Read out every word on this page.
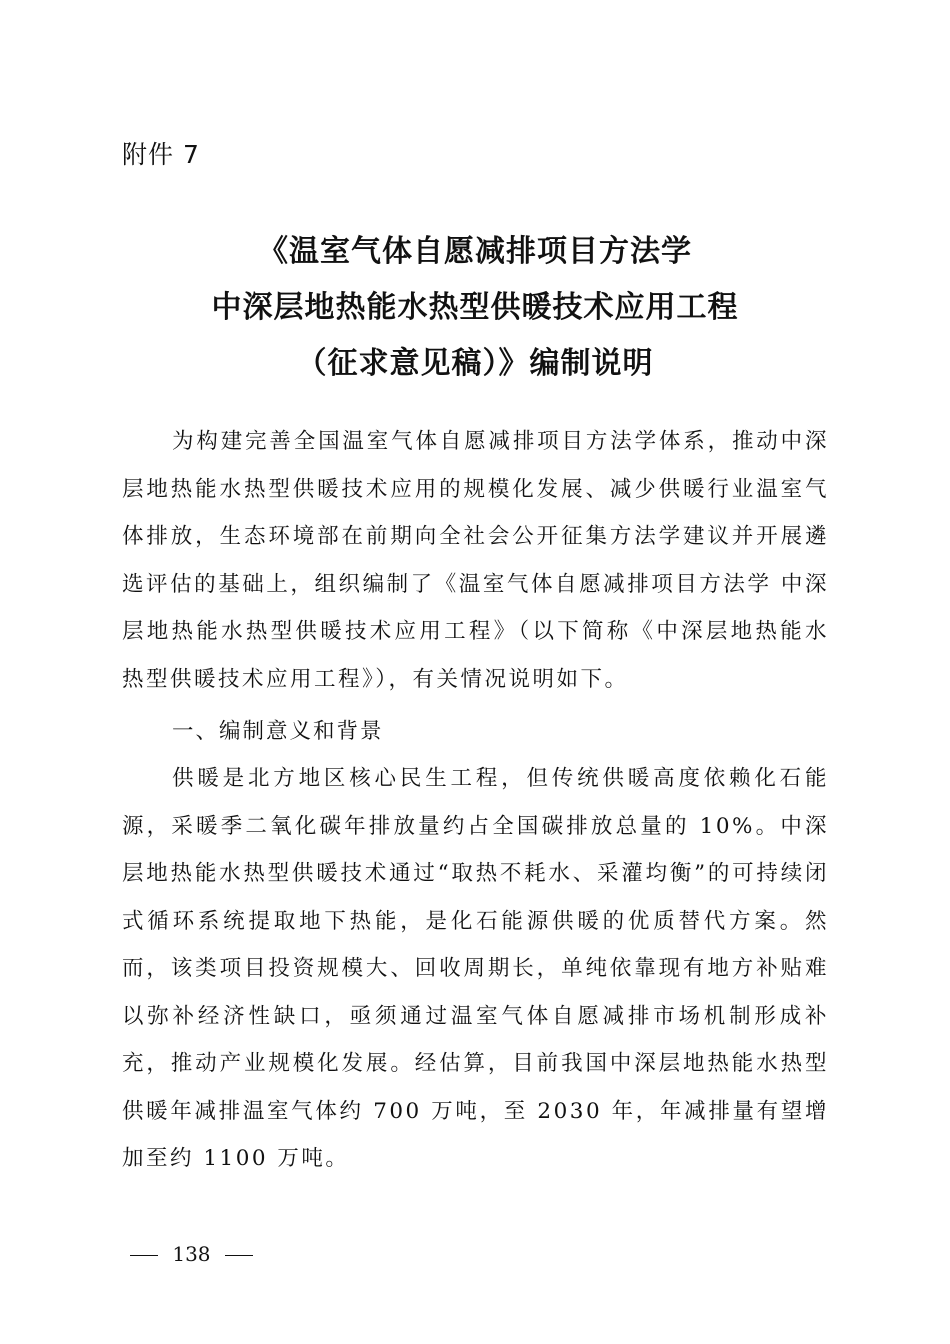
附件 7
《温室气体自愿减排项目方法学
中深层地热能水热型供暖技术应用工程
（征求意见稿）》编制说明
为构建完善全国温室气体自愿减排项目方法学体系，推动中深层地热能水热型供暖技术应用的规模化发展、减少供暖行业温室气体排放，生态环境部在前期向全社会公开征集方法学建议并开展遴选评估的基础上，组织编制了《温室气体自愿减排项目方法学 中深层地热能水热型供暖技术应用工程》（以下简称《中深层地热能水热型供暖技术应用工程》），有关情况说明如下。
一、编制意义和背景
供暖是北方地区核心民生工程，但传统供暖高度依赖化石能源，采暖季二氧化碳年排放量约占全国碳排放总量的 10%。中深层地热能水热型供暖技术通过“取热不耗水、采灌均衡”的可持续闭式循环系统提取地下热能，是化石能源供暖的优质替代方案。然而，该类项目投资规模大、回收周期长，单纯依靠现有地方补贴难以弥补经济性缺口，亟须通过温室气体自愿减排市场机制形成补充，推动产业规模化发展。经估算，目前我国中深层地热能水热型供暖年减排温室气体约 700 万吨，至 2030 年，年减排量有望增加至约 1100 万吨。
138
